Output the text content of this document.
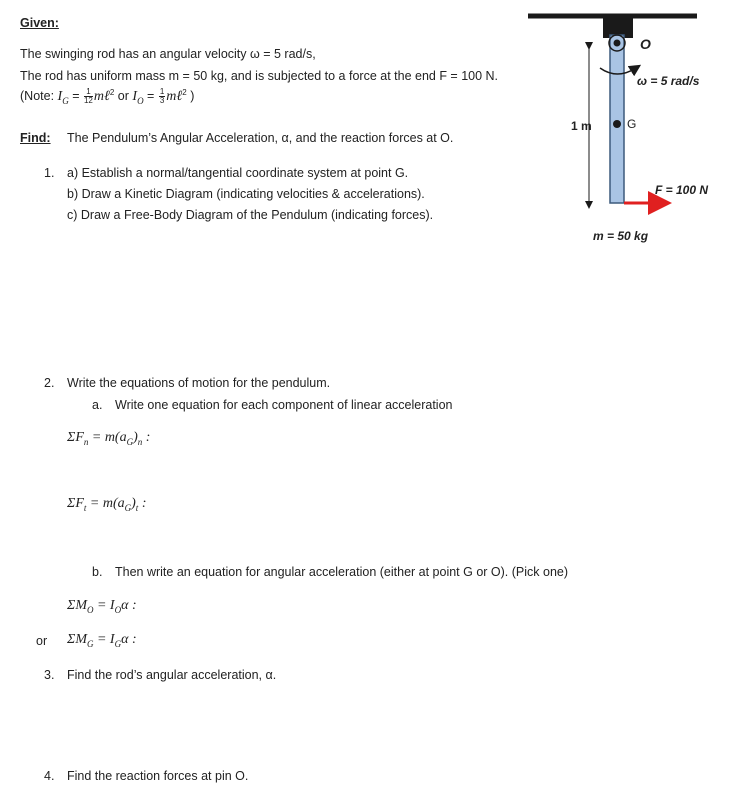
Given:
The swinging rod has an angular velocity ω = 5 rad/s,
The rod has uniform mass m = 50 kg, and is subjected to a force at the end F = 100 N.
(Note: $I_G = \frac{1}{12}$ mℓ$^2$ or $I_O = \frac{1}{3}$ mℓ$^2$ )
Find: The Pendulum’s Angular Acceleration, α, and the reaction forces at O.
1. a) Establish a normal/tangential coordinate system at point G.
b) Draw a Kinetic Diagram (indicating velocities & accelerations).
c) Draw a Free-Body Diagram of the Pendulum (indicating forces).
2. Write the equations of motion for the pendulum.
a. Write one equation for each component of linear acceleration
$\Sigma F_n = m(a_G)_n$ :
$\Sigma F_t = m(a_G)_t$ :
b. Then write an equation for angular acceleration (either at point G or O). (Pick one)
$\Sigma M_O = I_O\alpha$ :
or $\Sigma M_G = I_G\alpha$ :
3. Find the rod’s angular acceleration, α.
4. Find the reaction forces at pin O.
O
ω = 5 rad/s
1 m	G
F = 100 N
m = 50 kg
